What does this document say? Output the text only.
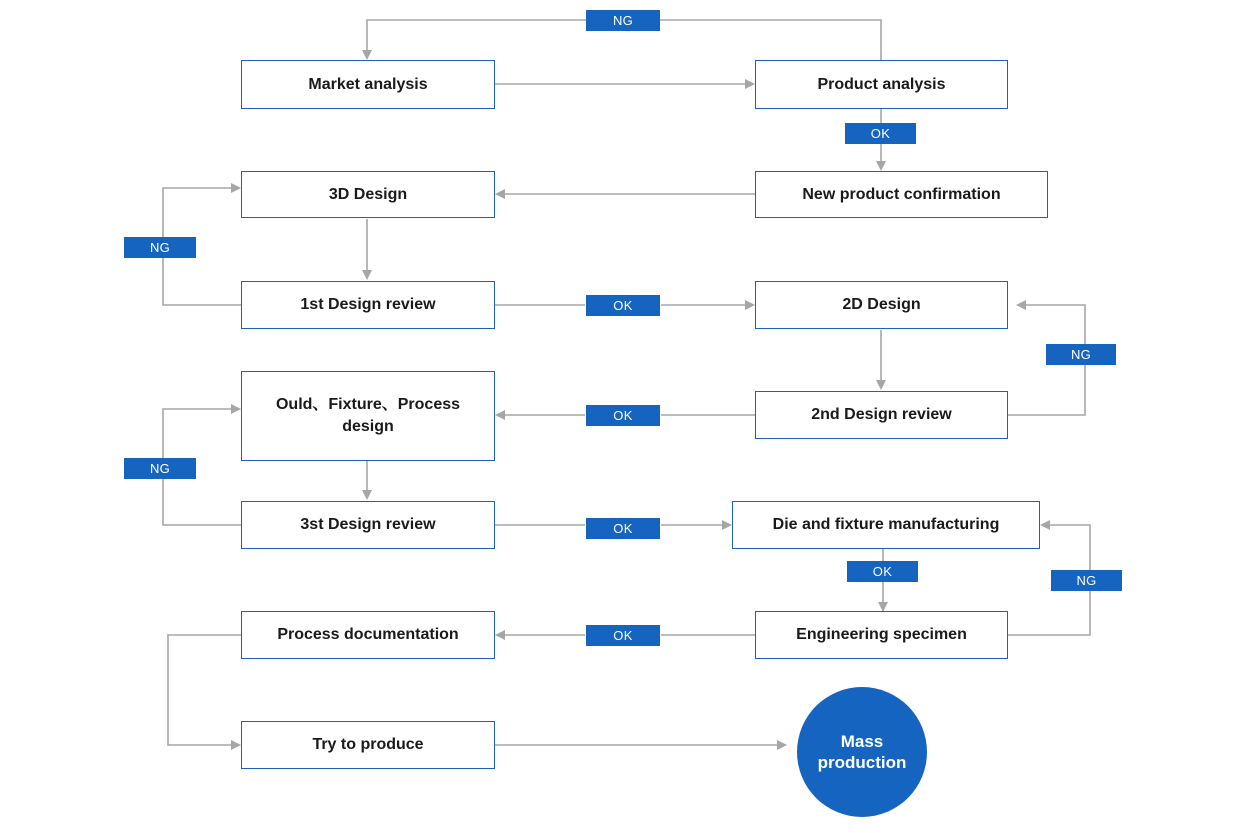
Market analysis	Product analysis
New product confirmation
3D Design
1st Design review	2D Design
2nd Design review
Ould、Fixture、Process design
3st Design review	Die and fixture manufacturing
Engineering specimen
Process documentation
Try to produce	Mass production
NG
OK
NG
OK
NG
OK
NG
OK
OK
NG
OK
